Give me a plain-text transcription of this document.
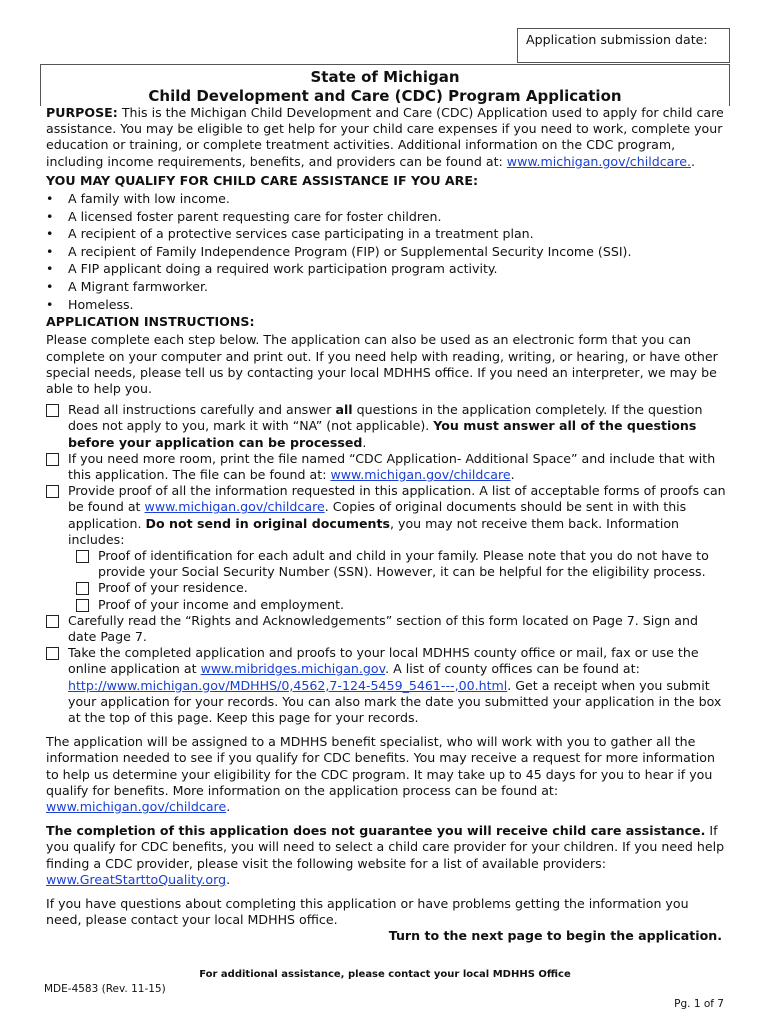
Application submission date:
State of Michigan
Child Development and Care (CDC) Program Application
PURPOSE: This is the Michigan Child Development and Care (CDC) Application used to apply for child care assistance. You may be eligible to get help for your child care expenses if you need to work, complete your education or training, or complete treatment activities. Additional information on the CDC program, including income requirements, benefits, and providers can be found at: www.michigan.gov/childcare..
YOU MAY QUALIFY FOR CHILD CARE ASSISTANCE IF YOU ARE:
• A family with low income.
• A licensed foster parent requesting care for foster children.
• A recipient of a protective services case participating in a treatment plan.
• A recipient of Family Independence Program (FIP) or Supplemental Security Income (SSI).
• A FIP applicant doing a required work participation program activity.
• A Migrant farmworker.
• Homeless.
APPLICATION INSTRUCTIONS:
Please complete each step below. The application can also be used as an electronic form that you can complete on your computer and print out. If you need help with reading, writing, or hearing, or have other special needs, please tell us by contacting your local MDHHS office. If you need an interpreter, we may be able to help you.
Read all instructions carefully and answer all questions in the application completely. If the question does not apply to you, mark it with “NA” (not applicable). You must answer all of the questions before your application can be processed.
If you need more room, print the file named “CDC Application- Additional Space” and include that with this application. The file can be found at: www.michigan.gov/childcare.
Provide proof of all the information requested in this application. A list of acceptable forms of proofs can be found at www.michigan.gov/childcare. Copies of original documents should be sent in with this application. Do not send in original documents, you may not receive them back. Information includes:
Proof of identification for each adult and child in your family. Please note that you do not have to provide your Social Security Number (SSN). However, it can be helpful for the eligibility process.
Proof of your residence.
Proof of your income and employment.
Carefully read the “Rights and Acknowledgements” section of this form located on Page 7. Sign and date Page 7.
Take the completed application and proofs to your local MDHHS county office or mail, fax or use the online application at www.mibridges.michigan.gov. A list of county offices can be found at: http://www.michigan.gov/MDHHS/0,4562,7-124-5459_5461---,00.html. Get a receipt when you submit your application for your records. You can also mark the date you submitted your application in the box at the top of this page. Keep this page for your records.
The application will be assigned to a MDHHS benefit specialist, who will work with you to gather all the information needed to see if you qualify for CDC benefits. You may receive a request for more information to help us determine your eligibility for the CDC program. It may take up to 45 days for you to hear if you qualify for benefits. More information on the application process can be found at: www.michigan.gov/childcare.
The completion of this application does not guarantee you will receive child care assistance. If you qualify for CDC benefits, you will need to select a child care provider for your children. If you need help finding a CDC provider, please visit the following website for a list of available providers: www.GreatStarttoQuality.org.
If you have questions about completing this application or have problems getting the information you need, please contact your local MDHHS office.
Turn to the next page to begin the application.
For additional assistance, please contact your local MDHHS Office
MDE-4583 (Rev. 11-15)
Pg. 1 of 7
